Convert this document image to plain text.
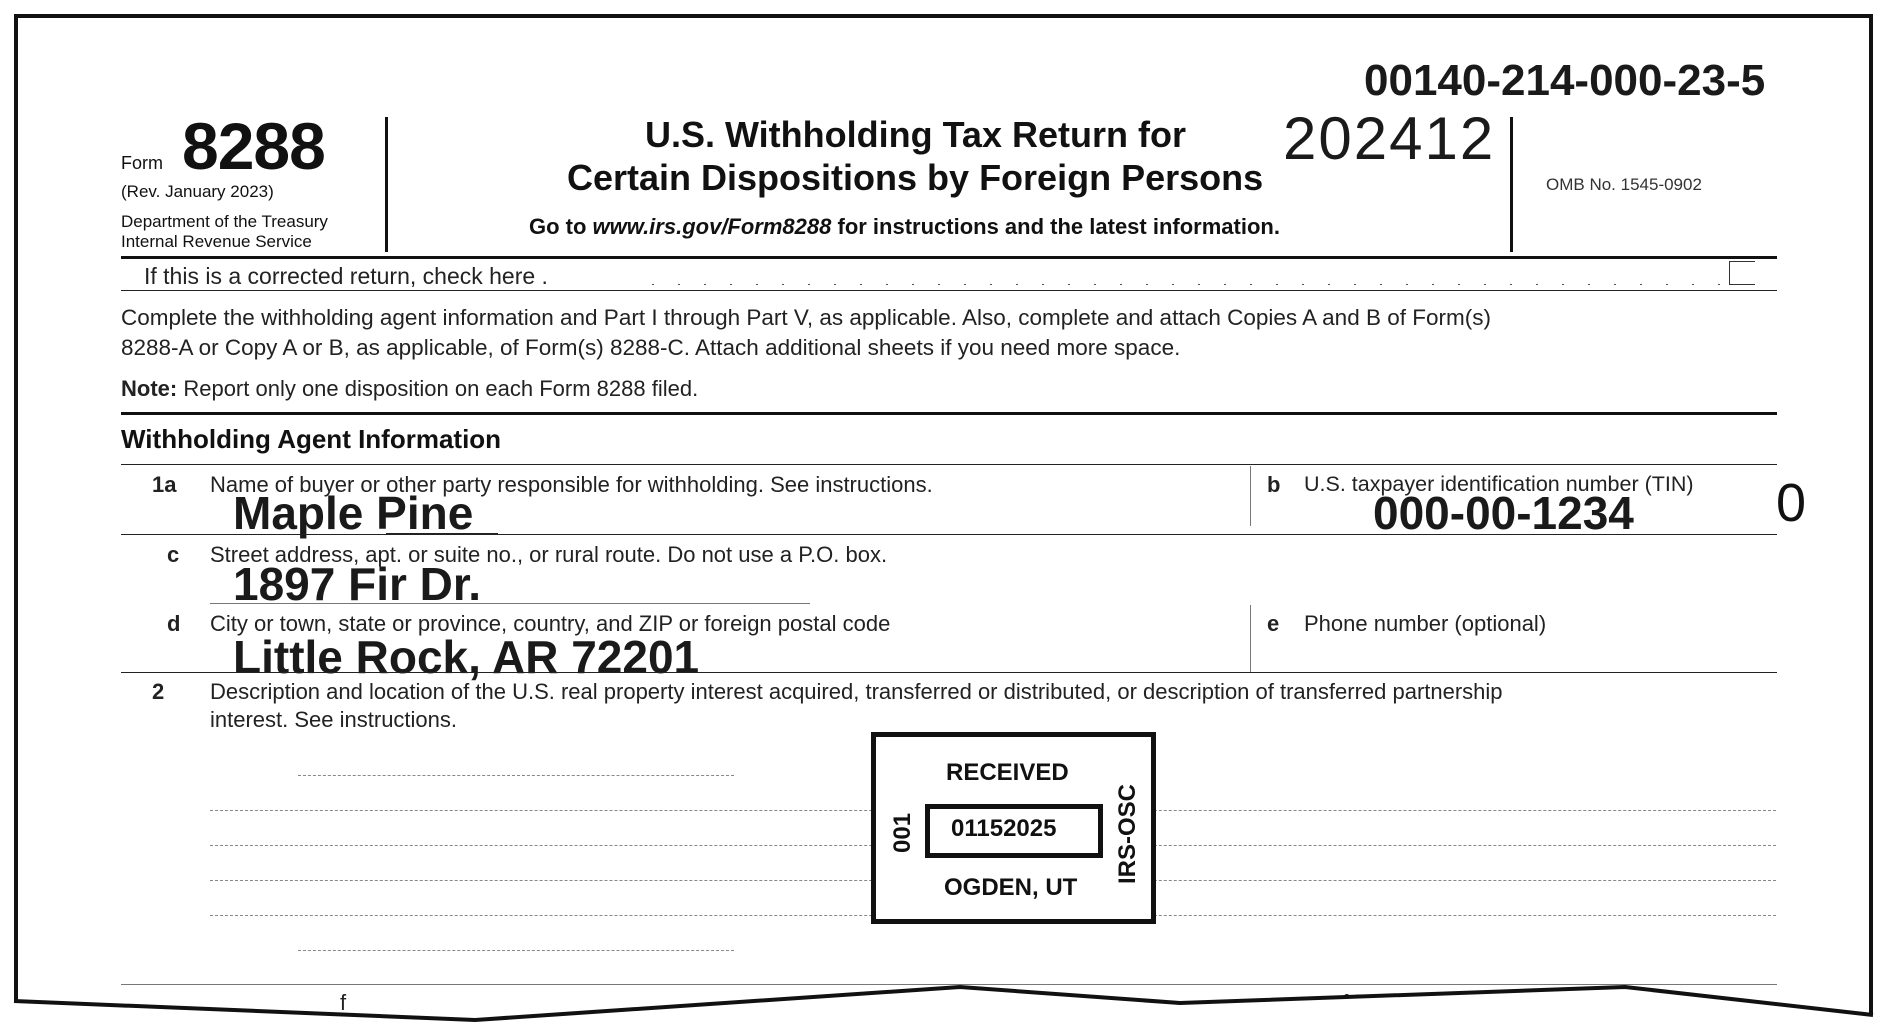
00140-214-000-23-5
Form 8288
(Rev. January 2023)
Department of the Treasury
Internal Revenue Service
U.S. Withholding Tax Return for 202412
Certain Dispositions by Foreign Persons
Go to www.irs.gov/Form8288 for instructions and the latest information.
OMB No. 1545-0902
If this is a corrected return, check here .
Complete the withholding agent information and Part I through Part V, as applicable. Also, complete and attach Copies A and B of Form(s)
8288-A or Copy A or B, as applicable, of Form(s) 8288-C. Attach additional sheets if you need more space.
Note: Report only one disposition on each Form 8288 filed.
Withholding Agent Information
1a Name of buyer or other party responsible for withholding. See instructions.
Maple Pine
b U.S. taxpayer identification number (TIN)
000-00-1234	0
c Street address, apt. or suite no., or rural route. Do not use a P.O. box.
1897 Fir Dr.
d City or town, state or province, country, and ZIP or foreign postal code
Little Rock, AR 72201
e Phone number (optional)
2 Description and location of the U.S. real property interest acquired, transferred or distributed, or description of transferred partnership
interest. See instructions.
RECEIVED
01152025
OGDEN, UT
001	IRS-OSC
f
